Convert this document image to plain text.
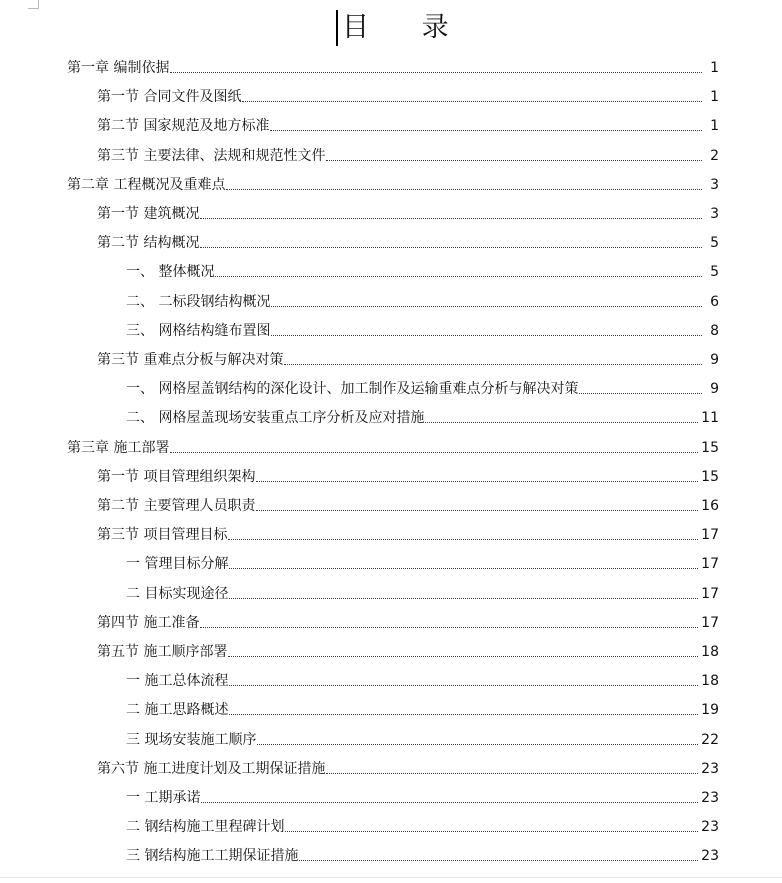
目 录
第一章 编制依据	1
第一节 合同文件及图纸	1
第二节 国家规范及地方标准	1
第三节 主要法律、法规和规范性文件	2
第二章 工程概况及重难点	3
第一节 建筑概况	3
第二节 结构概况	5
一、 整体概况	5
二、 二标段钢结构概况	6
三、 网格结构缝布置图	8
第三节 重难点分板与解决对策	9
一、 网格屋盖钢结构的深化设计、加工制作及运输重难点分析与解决对策	9
二、 网格屋盖现场安装重点工序分析及应对措施	11
第三章 施工部署	15
第一节 项目管理组织架构	15
第二节 主要管理人员职责	16
第三节 项目管理目标	17
一 管理目标分解	17
二 目标实现途径	17
第四节 施工准备	17
第五节 施工顺序部署	18
一 施工总体流程	18
二 施工思路概述	19
三 现场安装施工顺序	22
第六节 施工进度计划及工期保证措施	23
一 工期承诺	23
二 钢结构施工里程碑计划	23
三 钢结构施工工期保证措施	23
